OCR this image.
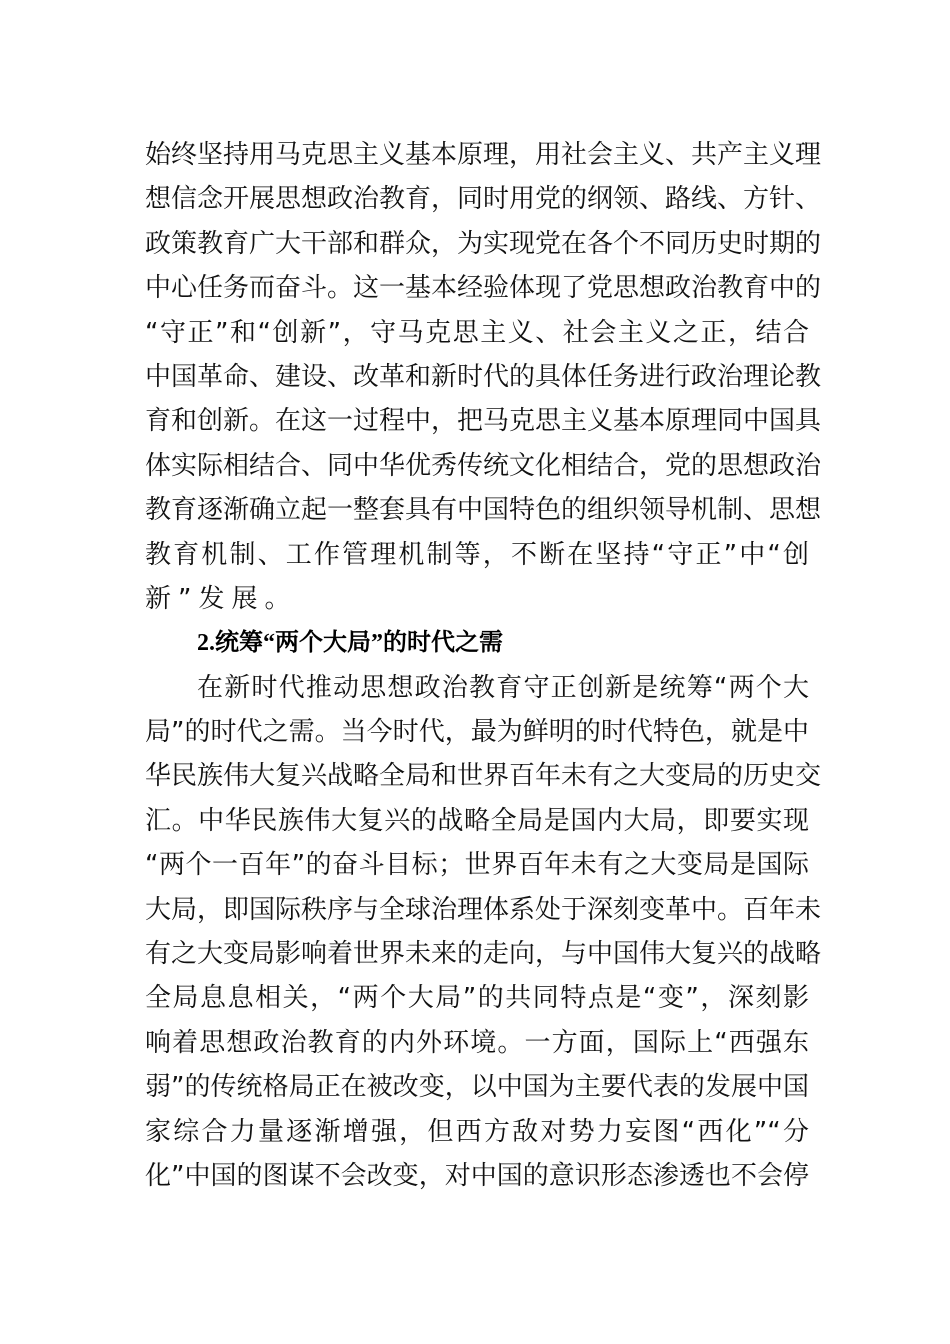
始终坚持用马克思主义基本原理，用社会主义、共产主义理
想信念开展思想政治教育，同时用党的纲领、路线、方针、
政策教育广大干部和群众，为实现党在各个不同历史时期的
中心任务而奋斗。这一基本经验体现了党思想政治教育中的
“守正”和“创新”，守马克思主义、社会主义之正，结合
中国革命、建设、改革和新时代的具体任务进行政治理论教
育和创新。在这一过程中，把马克思主义基本原理同中国具
体实际相结合、同中华优秀传统文化相结合，党的思想政治
教育逐渐确立起一整套具有中国特色的组织领导机制、思想
教育机制、工作管理机制等，不断在坚持“守正”中“创
新”发展。
2.统筹“两个大局”的时代之需
在新时代推动思想政治教育守正创新是统筹“两个大
局”的时代之需。当今时代，最为鲜明的时代特色，就是中
华民族伟大复兴战略全局和世界百年未有之大变局的历史交
汇。中华民族伟大复兴的战略全局是国内大局，即要实现
“两个一百年”的奋斗目标；世界百年未有之大变局是国际
大局，即国际秩序与全球治理体系处于深刻变革中。百年未
有之大变局影响着世界未来的走向，与中国伟大复兴的战略
全局息息相关，“两个大局”的共同特点是“变”，深刻影
响着思想政治教育的内外环境。一方面，国际上“西强东
弱”的传统格局正在被改变，以中国为主要代表的发展中国
家综合力量逐渐增强，但西方敌对势力妄图“西化”“分
化”中国的图谋不会改变，对中国的意识形态渗透也不会停
